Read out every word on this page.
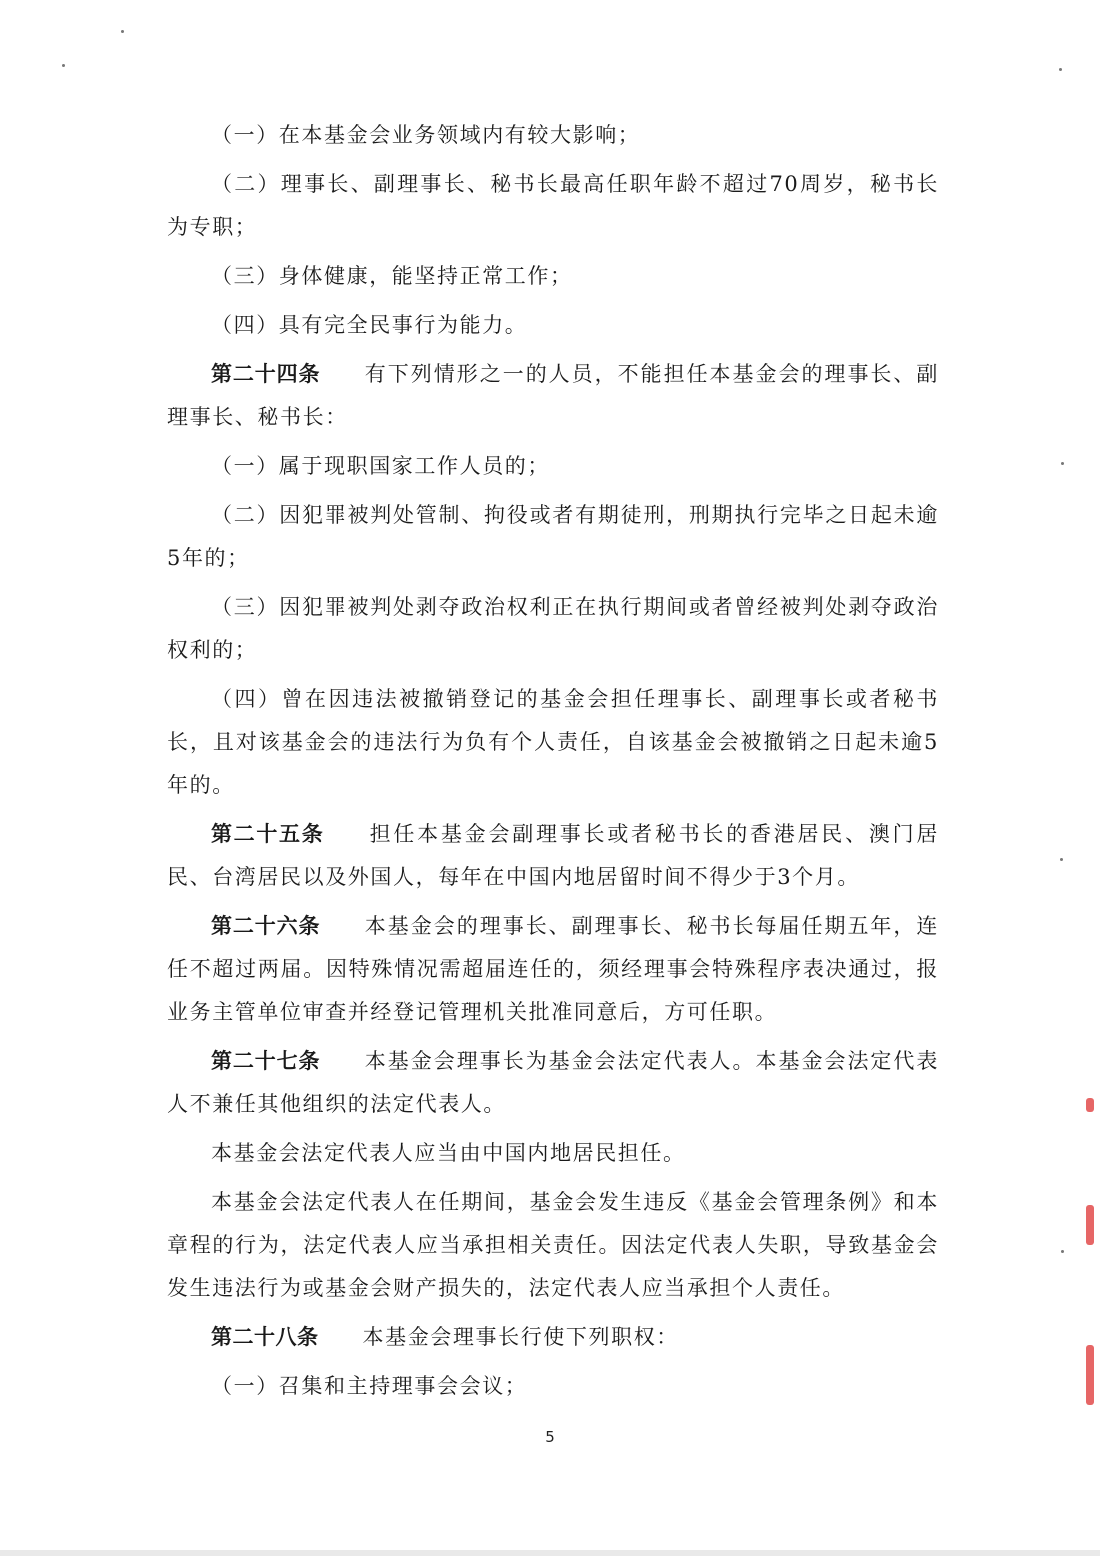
（一）在本基金会业务领域内有较大影响；

（二）理事长、副理事长、秘书长最高任职年龄不超过70周岁，秘书长为专职；

（三）身体健康，能坚持正常工作；

（四）具有完全民事行为能力。

第二十四条 有下列情形之一的人员，不能担任本基金会的理事长、副理事长、秘书长：

（一）属于现职国家工作人员的；

（二）因犯罪被判处管制、拘役或者有期徒刑，刑期执行完毕之日起未逾5年的；

（三）因犯罪被判处剥夺政治权利正在执行期间或者曾经被判处剥夺政治权利的；

（四）曾在因违法被撤销登记的基金会担任理事长、副理事长或者秘书长，且对该基金会的违法行为负有个人责任，自该基金会被撤销之日起未逾5年的。

第二十五条 担任本基金会副理事长或者秘书长的香港居民、澳门居民、台湾居民以及外国人，每年在中国内地居留时间不得少于3个月。

第二十六条 本基金会的理事长、副理事长、秘书长每届任期五年，连任不超过两届。因特殊情况需超届连任的，须经理事会特殊程序表决通过，报业务主管单位审查并经登记管理机关批准同意后，方可任职。

第二十七条 本基金会理事长为基金会法定代表人。本基金会法定代表人不兼任其他组织的法定代表人。

本基金会法定代表人应当由中国内地居民担任。

本基金会法定代表人在任期间，基金会发生违反《基金会管理条例》和本章程的行为，法定代表人应当承担相关责任。因法定代表人失职，导致基金会发生违法行为或基金会财产损失的，法定代表人应当承担个人责任。

第二十八条 本基金会理事长行使下列职权：

（一）召集和主持理事会会议；

5
